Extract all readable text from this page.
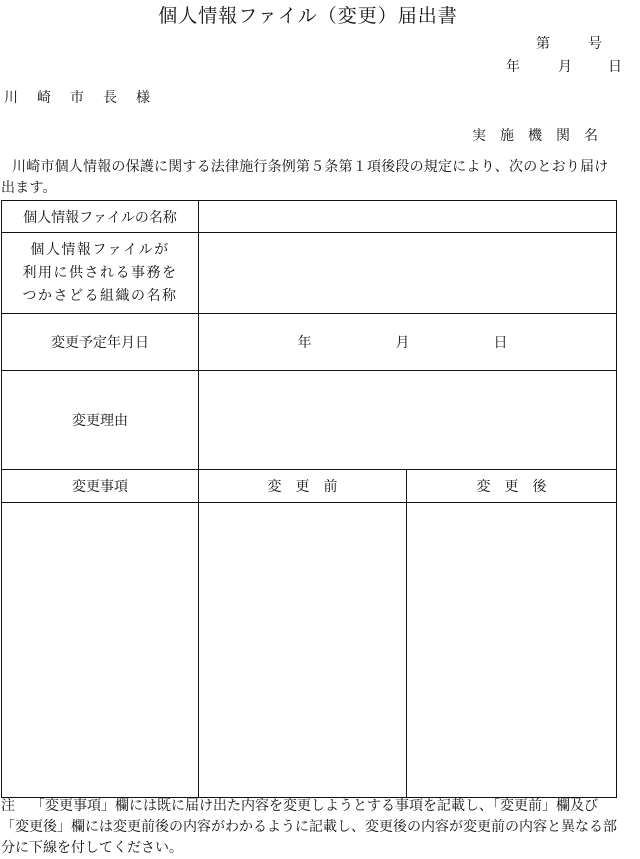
個人情報ファイル（変更）届出書
第号
年	月	日
川崎市長様
実施機関名
川崎市個人情報の保護に関する法律施行条例第５条第１項後段の規定により、次のとおり届け出ます。
個人情報ファイルの名称		

個人情報ファイルが
利用に供される事務を
つかさどる組織の名称		

変更予定年月日	年 月 日	

変更理由		
変更事項	変更前	変更後

注 「変更事項」欄には既に届け出た内容を変更しようとする事項を記載し、「変更前」欄及び「変更後」欄には変更前後の内容がわかるように記載し、変更後の内容が変更前の内容と異なる部分に下線を付してください。
